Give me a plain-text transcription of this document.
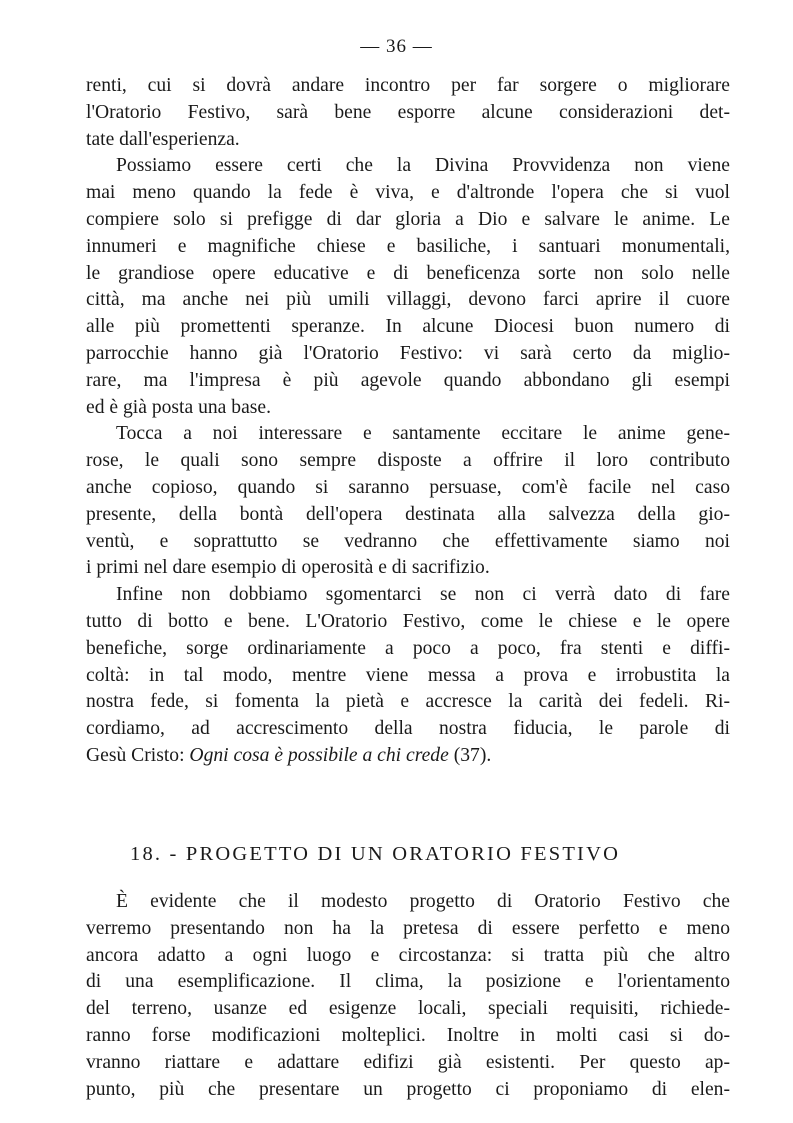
— 36 —

renti, cui si dovrà andare incontro per far sorgere o migliorare
l'Oratorio Festivo, sarà bene esporre alcune considerazioni det-
tate dall'esperienza.

Possiamo essere certi che la Divina Provvidenza non viene
mai meno quando la fede è viva, e d'altronde l'opera che si vuol
compiere solo si prefigge di dar gloria a Dio e salvare le anime. Le
innumeri e magnifiche chiese e basiliche, i santuari monumentali,
le grandiose opere educative e di beneficenza sorte non solo nelle
città, ma anche nei più umili villaggi, devono farci aprire il cuore
alle più promettenti speranze. In alcune Diocesi buon numero di
parrocchie hanno già l'Oratorio Festivo: vi sarà certo da miglio-
rare, ma l'impresa è più agevole quando abbondano gli esempi
ed è già posta una base.

Tocca a noi interessare e santamente eccitare le anime gene-
rose, le quali sono sempre disposte a offrire il loro contributo
anche copioso, quando si saranno persuase, com'è facile nel caso
presente, della bontà dell'opera destinata alla salvezza della gio-
ventù, e soprattutto se vedranno che effettivamente siamo noi
i primi nel dare esempio di operosità e di sacrifizio.

Infine non dobbiamo sgomentarci se non ci verrà dato di fare
tutto di botto e bene. L'Oratorio Festivo, come le chiese e le opere
benefiche, sorge ordinariamente a poco a poco, fra stenti e diffi-
coltà: in tal modo, mentre viene messa a prova e irrobustita la
nostra fede, si fomenta la pietà e accresce la carità dei fedeli. Ri-
cordiamo, ad accrescimento della nostra fiducia, le parole di
Gesù Cristo: Ogni cosa è possibile a chi crede (37).

18. - PROGETTO DI UN ORATORIO FESTIVO

È evidente che il modesto progetto di Oratorio Festivo che
verremo presentando non ha la pretesa di essere perfetto e meno
ancora adatto a ogni luogo e circostanza: si tratta più che altro
di una esemplificazione. Il clima, la posizione e l'orientamento
del terreno, usanze ed esigenze locali, speciali requisiti, richiede-
ranno forse modificazioni molteplici. Inoltre in molti casi si do-
vranno riattare e adattare edifizi già esistenti. Per questo ap-
punto, più che presentare un progetto ci proponiamo di elen-
